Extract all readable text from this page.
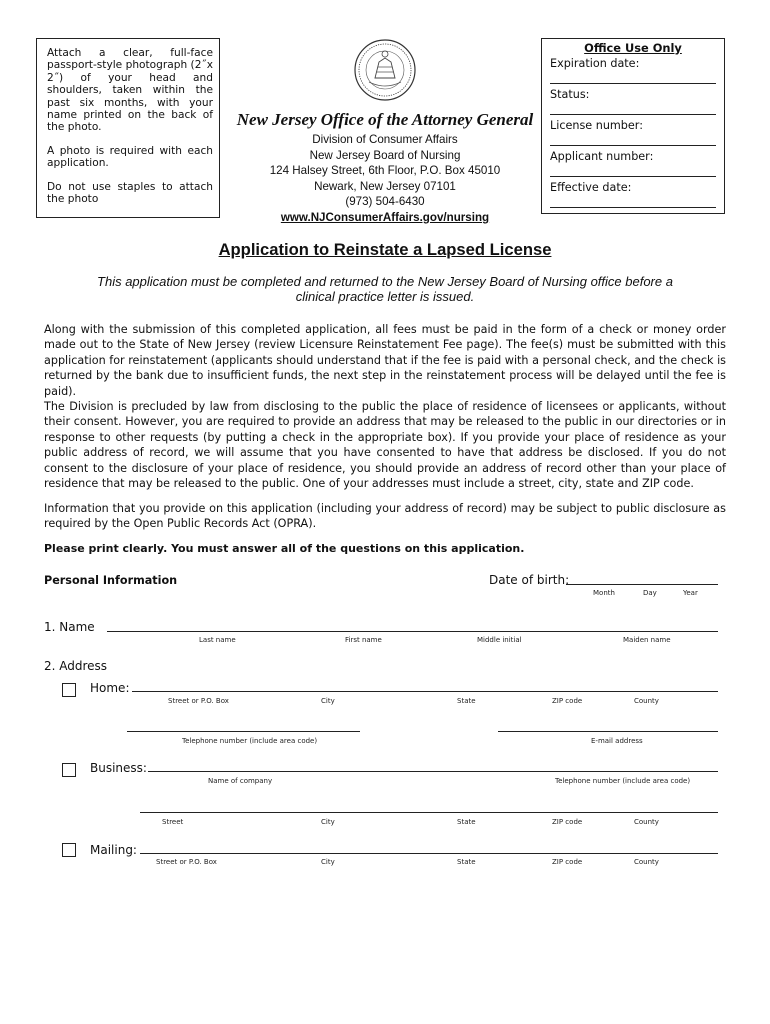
Attach a clear, full-face passport-style photograph (2˝x 2˝) of your head and shoulders, taken within the past six months, with your name printed on the back of the photo.

A photo is required with each application.

Do not use staples to attach the photo

New Jersey Office of the Attorney General
Division of Consumer Affairs
New Jersey Board of Nursing
124 Halsey Street, 6th Floor, P.O. Box 45010
Newark, New Jersey 07101
(973) 504-6430
www.NJConsumerAffairs.gov/nursing
Office Use Only
Expiration date:
Status:
License number:
Applicant number:
Effective date:
Application to Reinstate a Lapsed License
This application must be completed and returned to the New Jersey Board of Nursing office before a clinical practice letter is issued.
Along with the submission of this completed application, all fees must be paid in the form of a check or money order made out to the State of New Jersey (review Licensure Reinstatement Fee page). The fee(s) must be submitted with this application for reinstatement (applicants should understand that if the fee is paid with a personal check, and the check is returned by the bank due to insufficient funds, the next step in the reinstatement process will be delayed until the fee is paid).
The Division is precluded by law from disclosing to the public the place of residence of licensees or applicants, without their consent. However, you are required to provide an address that may be released to the public in our directories or in response to other requests (by putting a check in the appropriate box). If you provide your place of residence as your public address of record, we will assume that you have consented to have that address be disclosed. If you do not consent to the disclosure of your place of residence, you should provide an address of record other than your place of residence that may be released to the public. One of your addresses must include a street, city, state and ZIP code.
Information that you provide on this application (including your address of record) may be subject to public disclosure as required by the Open Public Records Act (OPRA).
Please print clearly. You must answer all of the questions on this application.
Personal Information	Date of birth:
Month	Day	Year
1. Name
Last name	First name	Middle initial	Maiden name
2. Address
Home:
Street or P.O. Box	City	State	ZIP code	County
Telephone number (include area code)	E-mail address
Business:
Name of company	Telephone number (include area code)
Street	City	State	ZIP code	County
Mailing:
Street or P.O. Box	City	State	ZIP code	County
